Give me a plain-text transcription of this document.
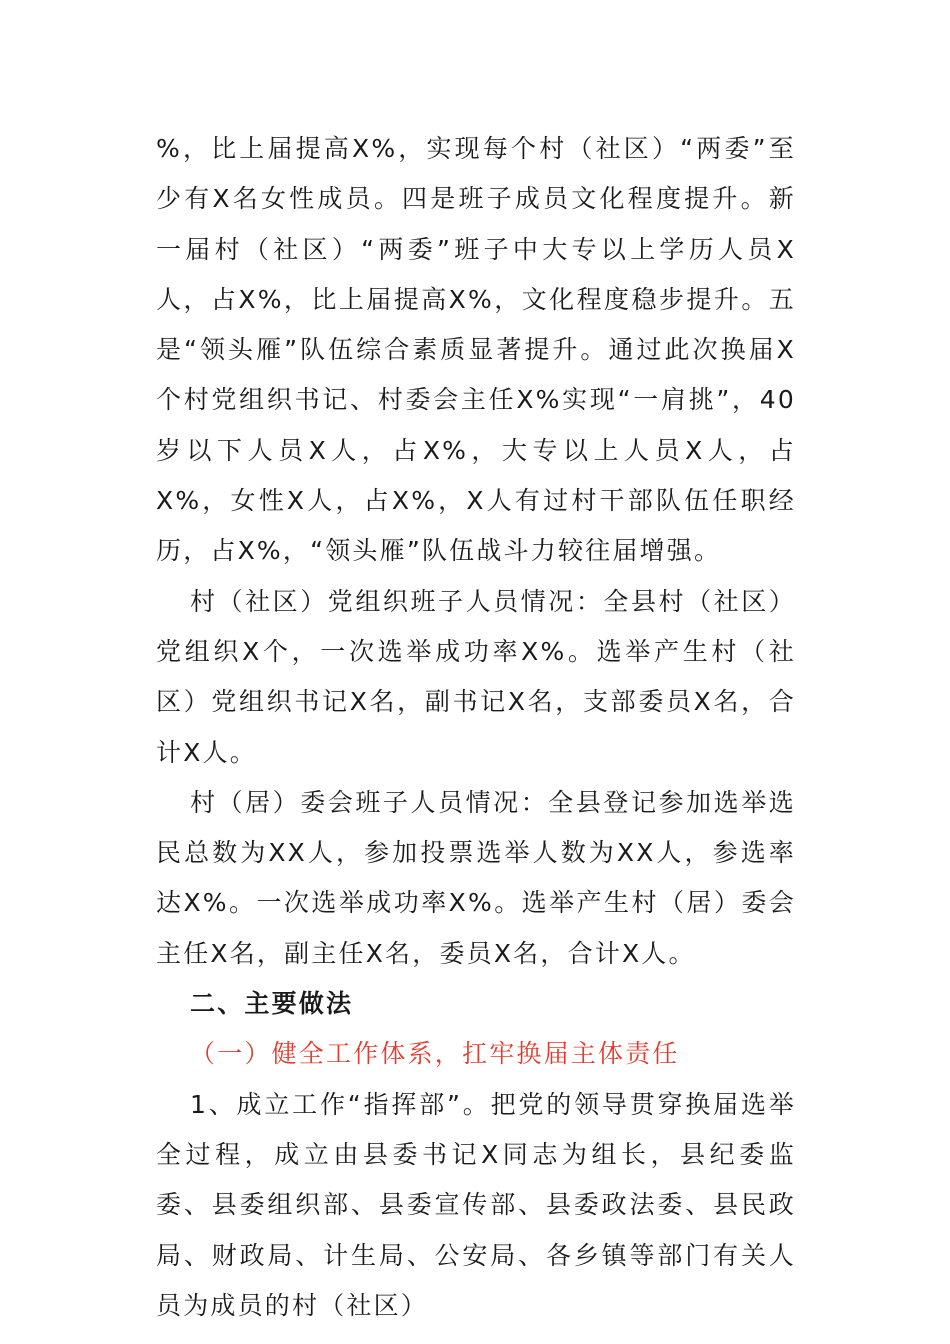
%，比上届提高X%，实现每个村（社区）“两委”至少有X名女性成员。四是班子成员文化程度提升。新一届村（社区）“两委”班子中大专以上学历人员X人，占X%，比上届提高X%，文化程度稳步提升。五是“领头雁”队伍综合素质显著提升。通过此次换届X个村党组织书记、村委会主任X%实现“一肩挑”，40岁以下人员X人，占X%，大专以上人员X人，占X%，女性X人，占X%，X人有过村干部队伍任职经历，占X%，“领头雁”队伍战斗力较往届增强。

村（社区）党组织班子人员情况：全县村（社区）党组织X个，一次选举成功率X%。选举产生村（社区）党组织书记X名，副书记X名，支部委员X名，合计X人。

村（居）委会班子人员情况：全县登记参加选举选民总数为XX人，参加投票选举人数为XX人，参选率达X%。一次选举成功率X%。选举产生村（居）委会主任X名，副主任X名，委员X名，合计X人。

二、主要做法

（一）健全工作体系，扛牢换届主体责任

1、成立工作“指挥部”。把党的领导贯穿换届选举全过程，成立由县委书记X同志为组长，县纪委监委、县委组织部、县委宣传部、县委政法委、县民政局、财政局、计生局、公安局、各乡镇等部门有关人员为成员的村（社区）
